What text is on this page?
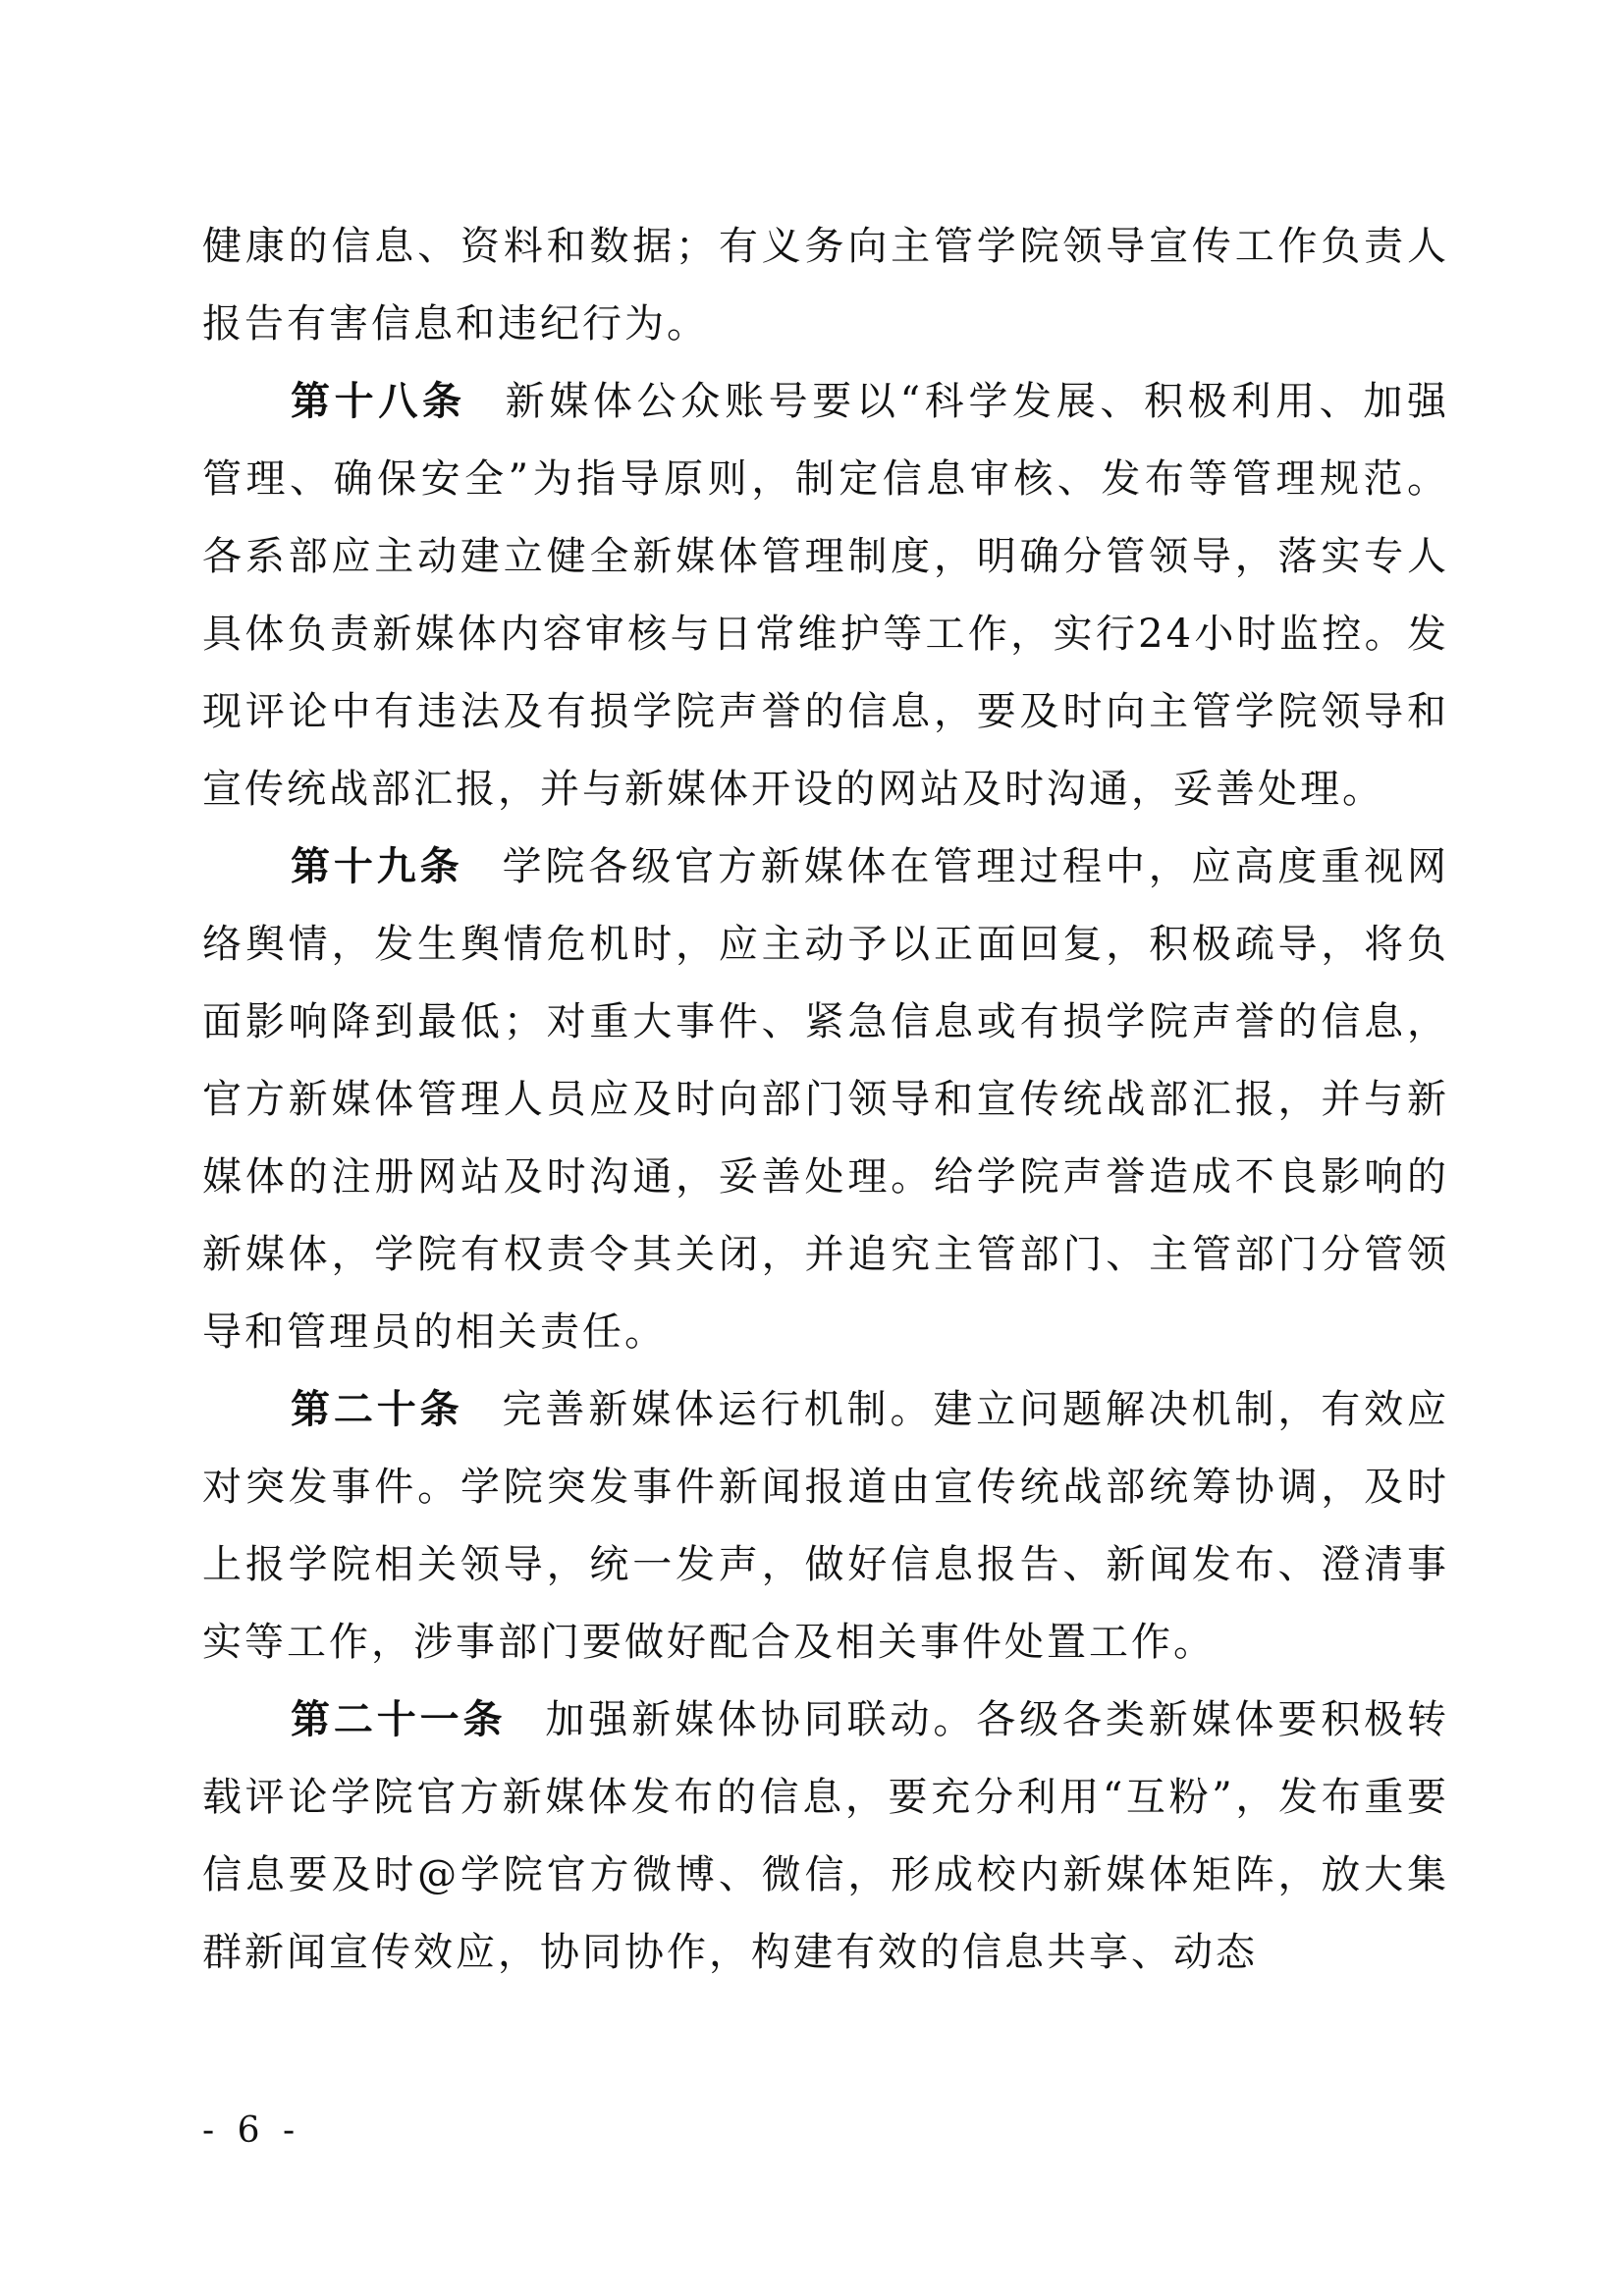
健康的信息、资料和数据；有义务向主管学院领导宣传工作负责人报告有害信息和违纪行为。

第十八条 新媒体公众账号要以“科学发展、积极利用、加强管理、确保安全”为指导原则，制定信息审核、发布等管理规范。各系部应主动建立健全新媒体管理制度，明确分管领导，落实专人具体负责新媒体内容审核与日常维护等工作，实行24小时监控。发现评论中有违法及有损学院声誉的信息，要及时向主管学院领导和宣传统战部汇报，并与新媒体开设的网站及时沟通，妥善处理。

第十九条 学院各级官方新媒体在管理过程中，应高度重视网络舆情，发生舆情危机时，应主动予以正面回复，积极疏导，将负面影响降到最低；对重大事件、紧急信息或有损学院声誉的信息，官方新媒体管理人员应及时向部门领导和宣传统战部汇报，并与新媒体的注册网站及时沟通，妥善处理。给学院声誉造成不良影响的新媒体，学院有权责令其关闭，并追究主管部门、主管部门分管领导和管理员的相关责任。

第二十条 完善新媒体运行机制。建立问题解决机制，有效应对突发事件。学院突发事件新闻报道由宣传统战部统筹协调，及时上报学院相关领导，统一发声，做好信息报告、新闻发布、澄清事实等工作，涉事部门要做好配合及相关事件处置工作。

第二十一条 加强新媒体协同联动。各级各类新媒体要积极转载评论学院官方新媒体发布的信息，要充分利用“互粉”，发布重要信息要及时@学院官方微博、微信，形成校内新媒体矩阵，放大集群新闻宣传效应，协同协作，构建有效的信息共享、动态

- 6 -
